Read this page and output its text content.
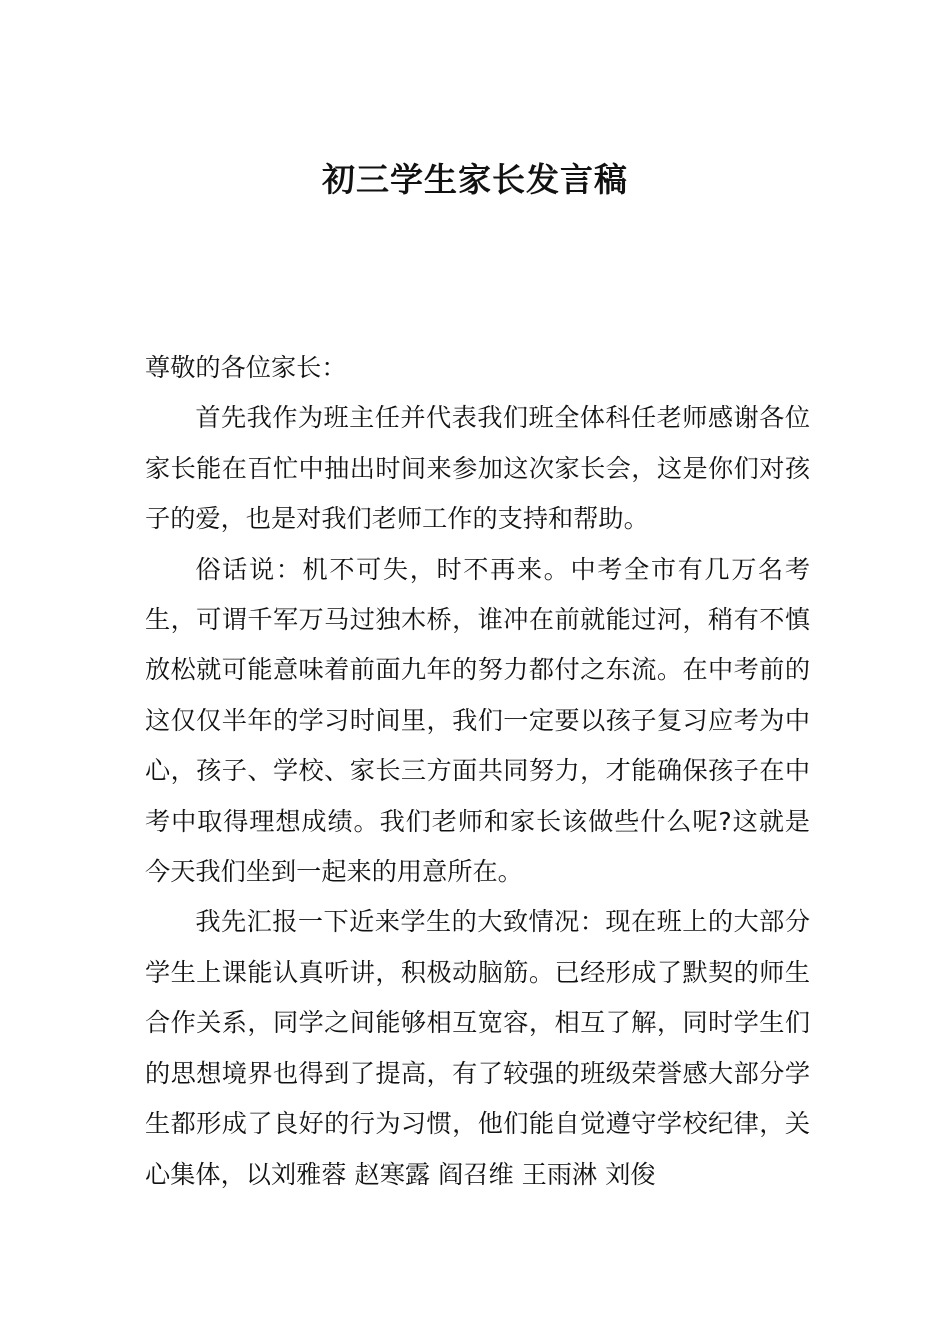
初三学生家长发言稿

尊敬的各位家长：

首先我作为班主任并代表我们班全体科任老师感谢各位家长能在百忙中抽出时间来参加这次家长会，这是你们对孩子的爱，也是对我们老师工作的支持和帮助。

俗话说：机不可失，时不再来。中考全市有几万名考生，可谓千军万马过独木桥，谁冲在前就能过河，稍有不慎放松就可能意味着前面九年的努力都付之东流。在中考前的这仅仅半年的学习时间里，我们一定要以孩子复习应考为中心，孩子、学校、家长三方面共同努力，才能确保孩子在中考中取得理想成绩。我们老师和家长该做些什么呢?这就是今天我们坐到一起来的用意所在。

我先汇报一下近来学生的大致情况：现在班上的大部分学生上课能认真听讲，积极动脑筋。已经形成了默契的师生合作关系，同学之间能够相互宽容，相互了解，同时学生们的思想境界也得到了提高，有了较强的班级荣誉感大部分学生都形成了良好的行为习惯，他们能自觉遵守学校纪律，关心集体，以刘雅蓉 赵寒露 阎召维 王雨淋 刘俊
